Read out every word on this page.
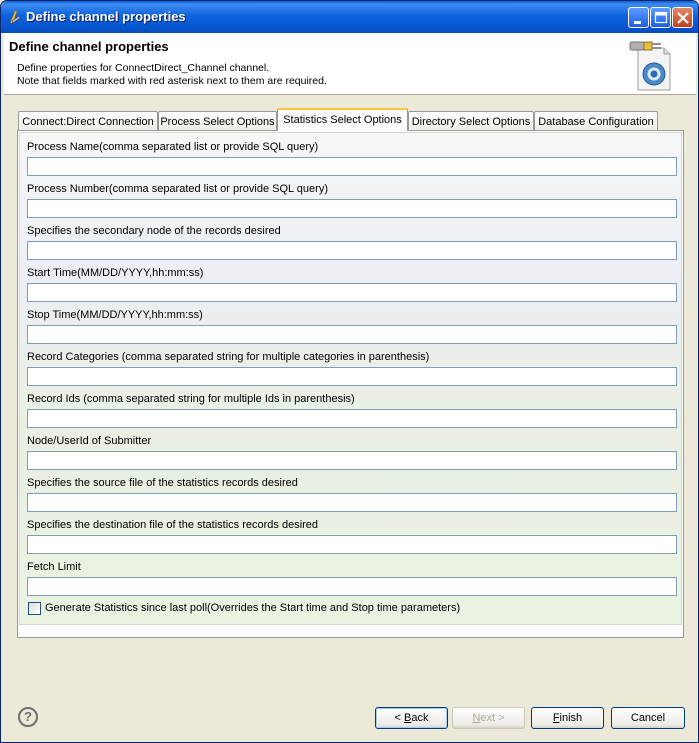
Define channel properties
Define channel properties
Define properties for ConnectDirect_Channel channel.
Note that fields marked with red asterisk next to them are required.
Connect:Direct Connection Process Select Options Statistics Select Options Directory Select Options Database Configuration
Process Name(comma separated list or provide SQL query)
Process Number(comma separated list or provide SQL query)
Specifies the secondary node of the records desired
Start Time(MM/DD/YYYY,hh:mm:ss)
Stop Time(MM/DD/YYYY,hh:mm:ss)
Record Categories (comma separated string for multiple categories in parenthesis)
Record Ids (comma separated string for multiple Ids in parenthesis)
Node/UserId of Submitter
Specifies the source file of the statistics records desired
Specifies the destination file of the statistics records desired
Fetch Limit
Generate Statistics since last poll(Overrides the Start time and Stop time parameters)
?	< Back	Next >	Finish	Cancel
